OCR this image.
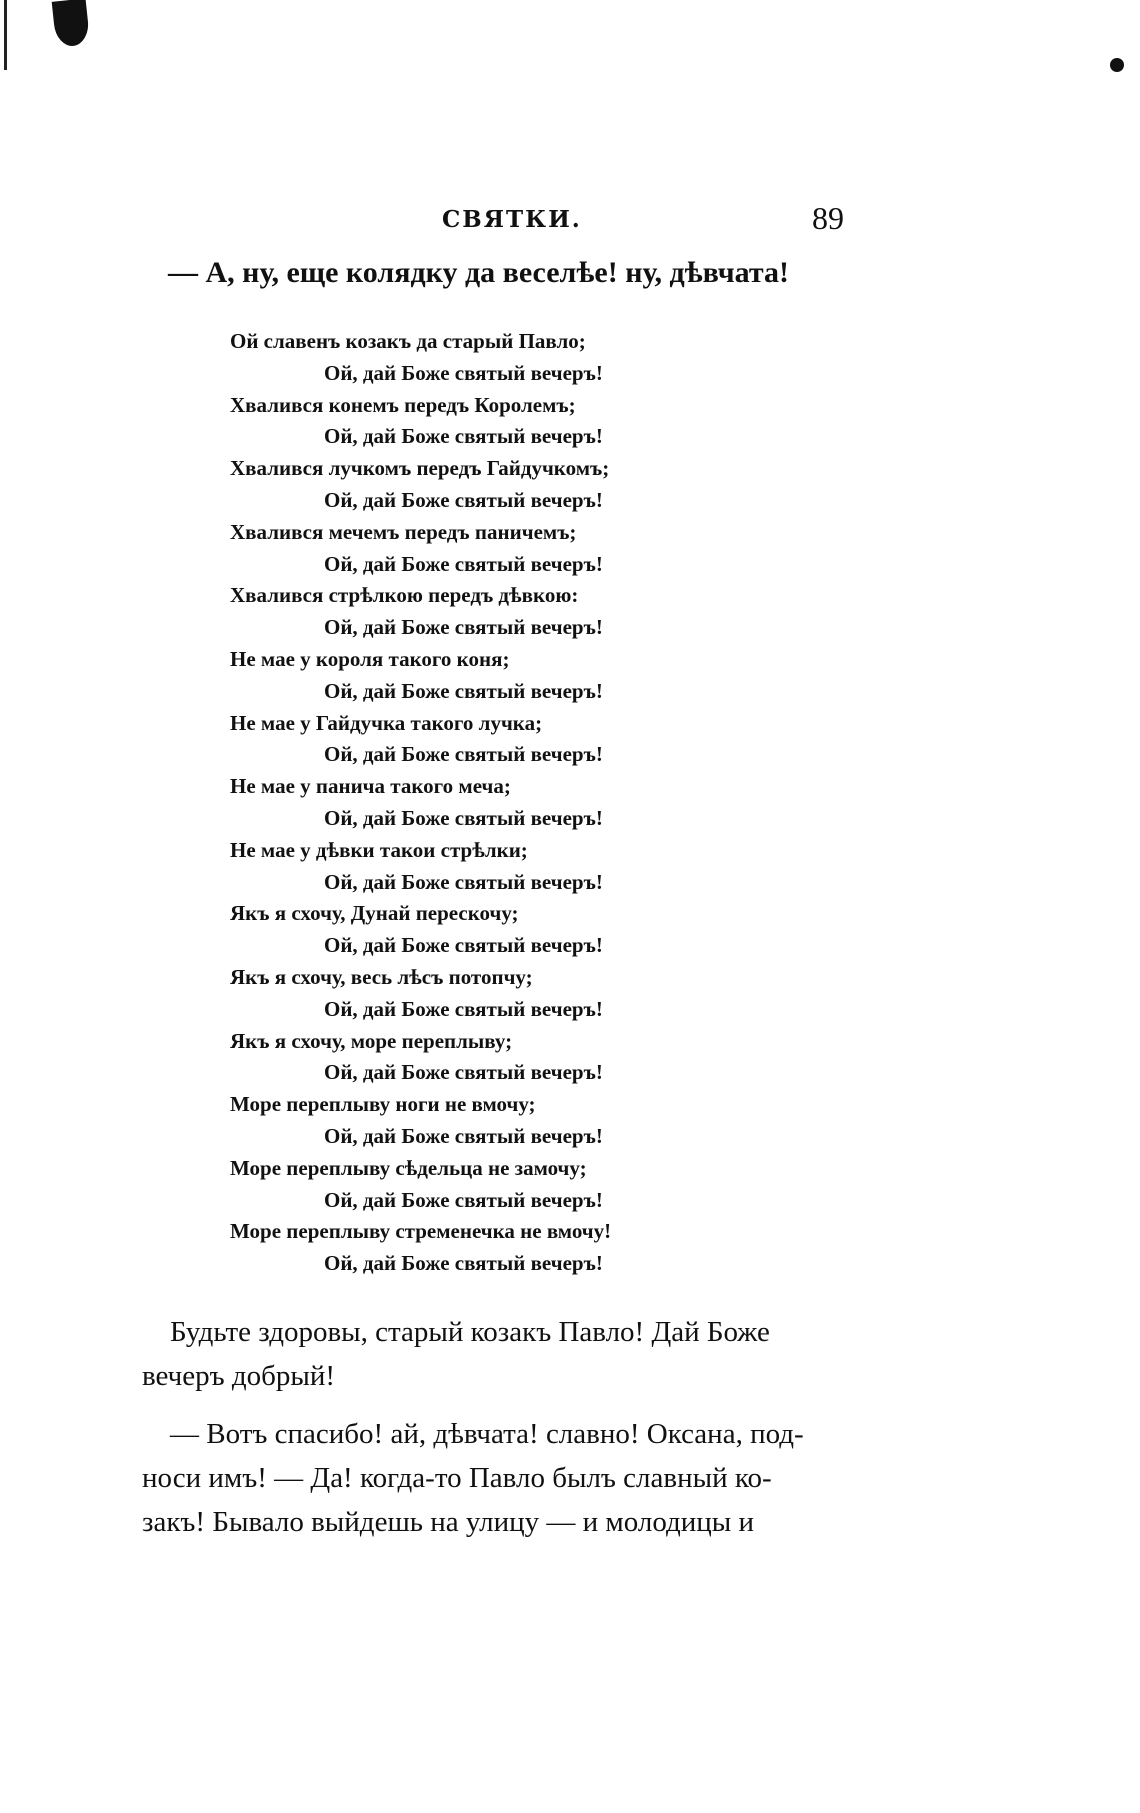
СВЯТКИ.	89
— А, ну, еще колядку да веселѣе! ну, дѣвчата!
Ой славенъ козакъ да старый Павло;
Ой, дай Боже святый вечеръ!
Хвалився конемъ передъ Королемъ;
Ой, дай Боже святый вечеръ!
Хвалився лучкомъ передъ Гайдучкомъ;
Ой, дай Боже святый вечеръ!
Хвалився мечемъ передъ паничемъ;
Ой, дай Боже святый вечеръ!
Хвалився стрѣлкою передъ дѣвкою:
Ой, дай Боже святый вечеръ!
Не мае у короля такого коня;
Ой, дай Боже святый вечеръ!
Не мае у Гайдучка такого лучка;
Ой, дай Боже святый вечеръ!
Не мае у панича такого меча;
Ой, дай Боже святый вечеръ!
Не мае у дѣвки такои стрѣлки;
Ой, дай Боже святый вечеръ!
Якъ я схочу, Дунай перескочу;
Ой, дай Боже святый вечеръ!
Якъ я схочу, весь лѣсъ потопчу;
Ой, дай Боже святый вечеръ!
Якъ я схочу, море переплыву;
Ой, дай Боже святый вечеръ!
Море переплыву ноги не вмочу;
Ой, дай Боже святый вечеръ!
Море переплыву сѣдельца не замочу;
Ой, дай Боже святый вечеръ!
Море переплыву стременечка не вмочу!
Ой, дай Боже святый вечеръ!
Будьте здоровы, старый козакъ Павло! Дай Боже
вечеръ добрый!
— Вотъ спасибо! ай, дѣвчата! славно! Оксана, под-
носи имъ! — Да! когда-то Павло былъ славный ко-
закъ! Бывало выйдешь на улицу — и молодицы и
